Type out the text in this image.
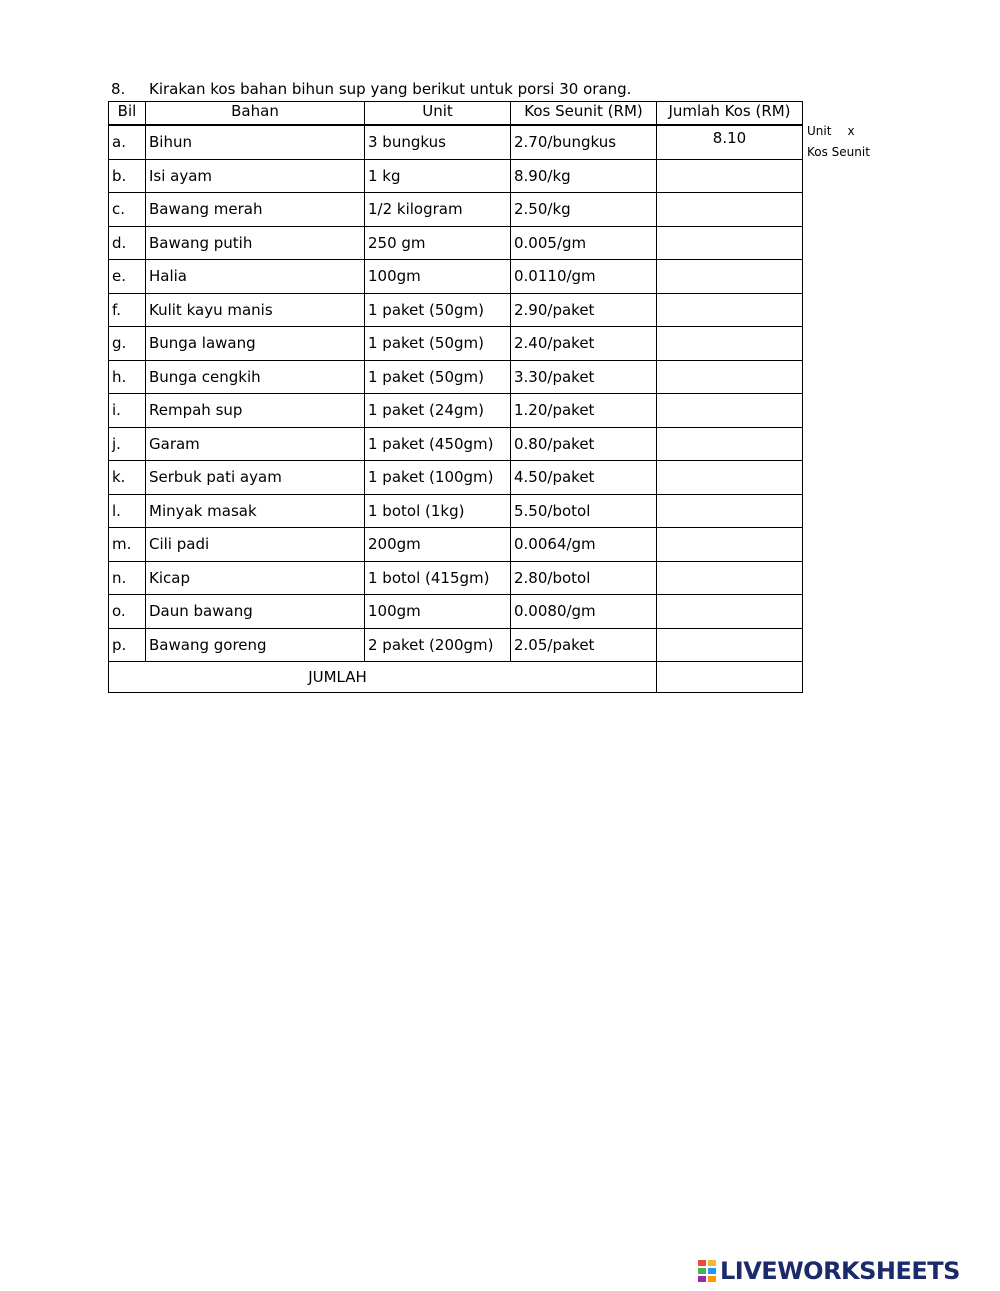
8. Kirakan kos bahan bihun sup yang berikut untuk porsi 30 orang.
Bil	Bahan	Unit	Kos Seunit (RM)	Jumlah Kos (RM)
a.	Bihun	3 bungkus	2.70/bungkus	8.10
b.	Isi ayam	1 kg	8.90/kg	
c.	Bawang merah	1/2 kilogram	2.50/kg	
d.	Bawang putih	250 gm	0.005/gm	
e.	Halia	100gm	0.0110/gm	
f.	Kulit kayu manis	1 paket (50gm)	2.90/paket	
g.	Bunga lawang	1 paket (50gm)	2.40/paket	
h.	Bunga cengkih	1 paket (50gm)	3.30/paket	
i.	Rempah sup	1 paket (24gm)	1.20/paket	
j.	Garam	1 paket (450gm)	0.80/paket	
k.	Serbuk pati ayam	1 paket (100gm)	4.50/paket	
l.	Minyak masak	1 botol (1kg)	5.50/botol	
m.	Cili padi	200gm	0.0064/gm	
n.	Kicap	1 botol (415gm)	2.80/botol	
o.	Daun bawang	100gm	0.0080/gm	
p.	Bawang goreng	2 paket (200gm)	2.05/paket	
JUMLAH				
Unit x
Kos Seunit
LIVEWORKSHEETS
